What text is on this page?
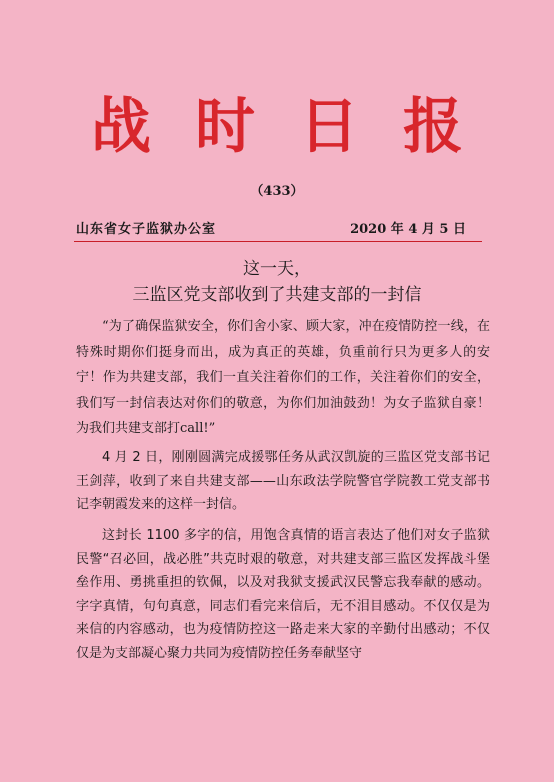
战时日报
（433）
山东省女子监狱办公室	2020 年 4 月 5 日
这一天，
三监区党支部收到了共建支部的一封信
“为了确保监狱安全，你们舍小家、顾大家，冲在疫情防控一线，在特殊时期你们挺身而出，成为真正的英雄，负重前行只为更多人的安宁！作为共建支部，我们一直关注着你们的工作，关注着你们的安全，我们写一封信表达对你们的敬意，为你们加油鼓劲！为女子监狱自豪！为我们共建支部打call!”
4 月 2 日，刚刚圆满完成援鄂任务从武汉凯旋的三监区党支部书记王剑萍，收到了来自共建支部——山东政法学院警官学院教工党支部书记李朝霞发来的这样一封信。
这封长 1100 多字的信，用饱含真情的语言表达了他们对女子监狱民警“召必回，战必胜”共克时艰的敬意，对共建支部三监区发挥战斗堡垒作用、勇挑重担的钦佩，以及对我狱支援武汉民警忘我奉献的感动。字字真情，句句真意，同志们看完来信后，无不泪目感动。不仅仅是为来信的内容感动，也为疫情防控这一路走来大家的辛勤付出感动；不仅仅是为支部凝心聚力共同为疫情防控任务奉献坚守
